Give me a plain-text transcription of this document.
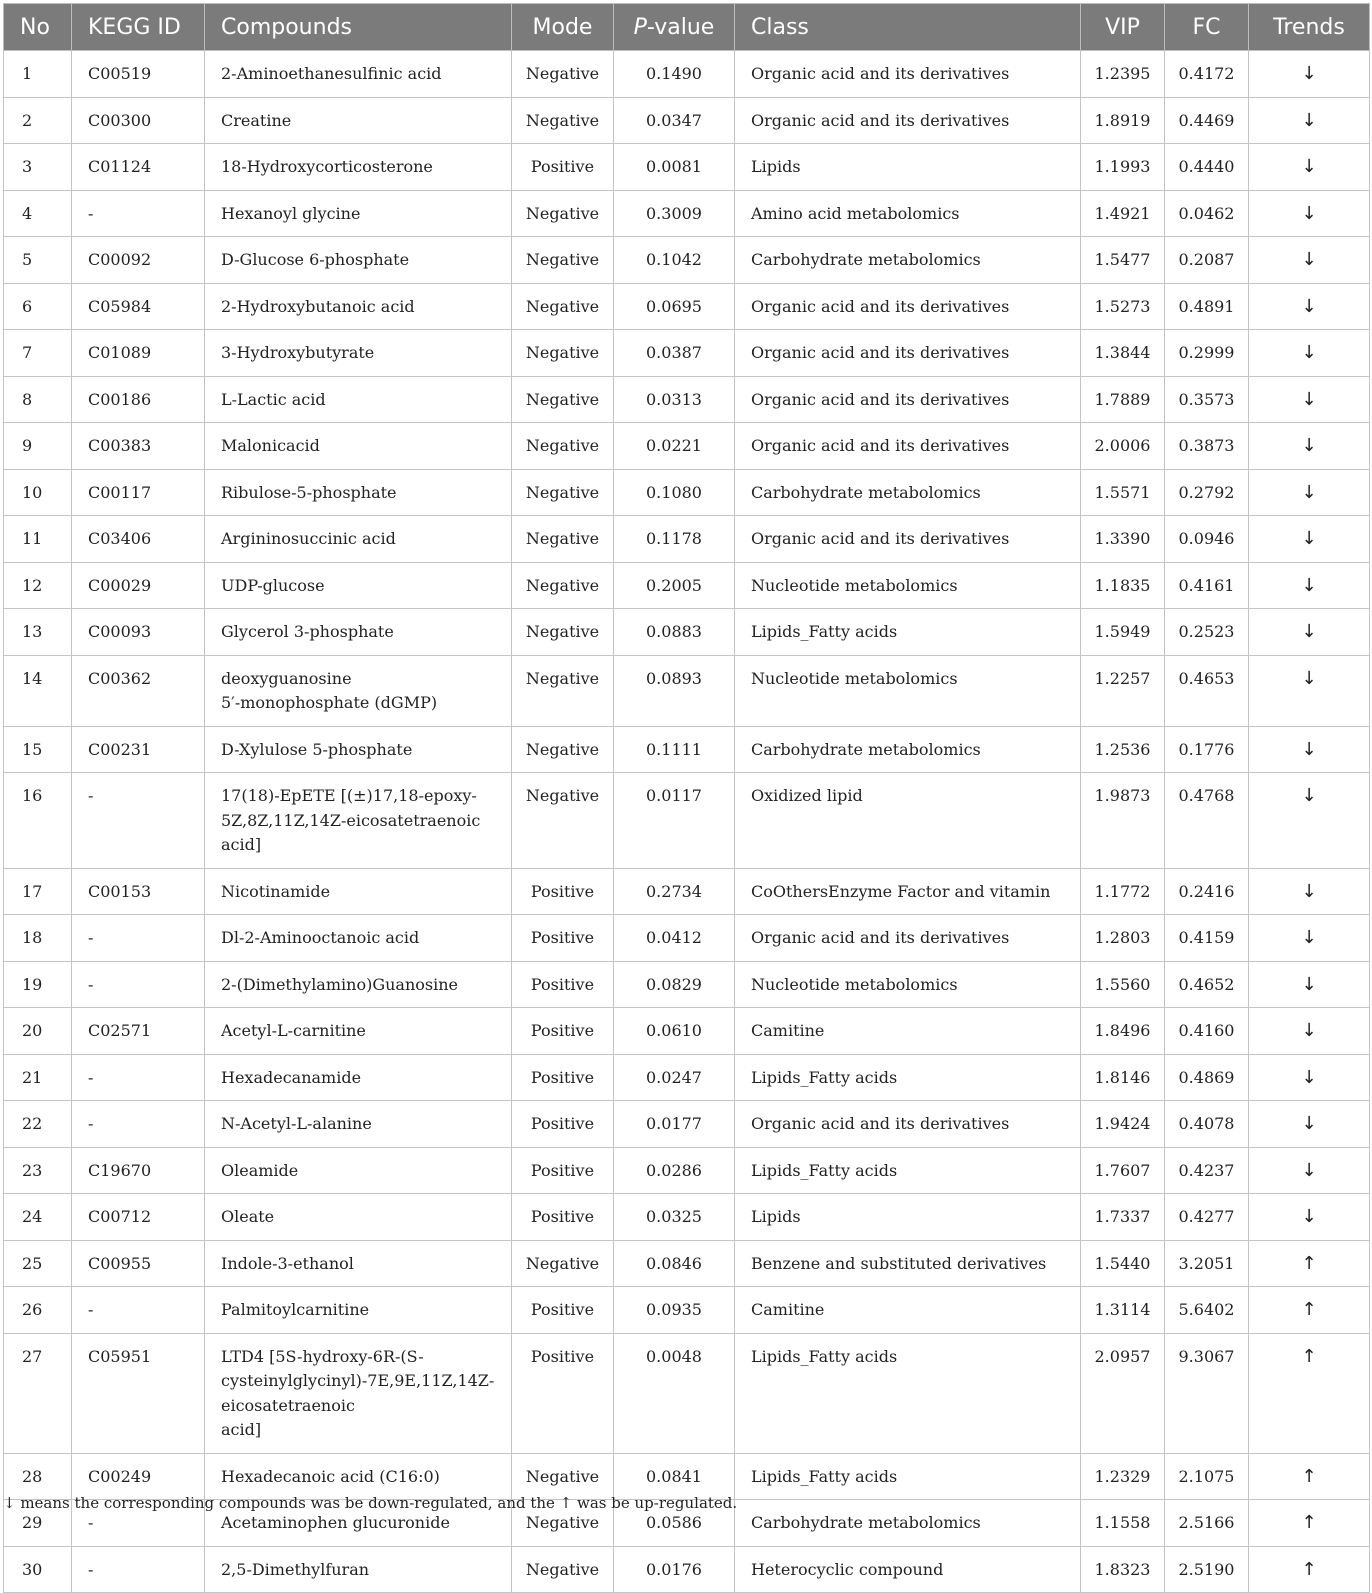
No	KEGG ID	Compounds	Mode	P-value	Class	VIP	FC	Trends
1	C00519	2-Aminoethanesulfinic acid	Negative	0.1490	Organic acid and its derivatives	1.2395	0.4172	↓
2	C00300	Creatine	Negative	0.0347	Organic acid and its derivatives	1.8919	0.4469	↓
3	C01124	18-Hydroxycorticosterone	Positive	0.0081	Lipids	1.1993	0.4440	↓
4	-	Hexanoyl glycine	Negative	0.3009	Amino acid metabolomics	1.4921	0.0462	↓
5	C00092	D-Glucose 6-phosphate	Negative	0.1042	Carbohydrate metabolomics	1.5477	0.2087	↓
6	C05984	2-Hydroxybutanoic acid	Negative	0.0695	Organic acid and its derivatives	1.5273	0.4891	↓
7	C01089	3-Hydroxybutyrate	Negative	0.0387	Organic acid and its derivatives	1.3844	0.2999	↓
8	C00186	L-Lactic acid	Negative	0.0313	Organic acid and its derivatives	1.7889	0.3573	↓
9	C00383	Malonicacid	Negative	0.0221	Organic acid and its derivatives	2.0006	0.3873	↓
10	C00117	Ribulose-5-phosphate	Negative	0.1080	Carbohydrate metabolomics	1.5571	0.2792	↓
11	C03406	Argininosuccinic acid	Negative	0.1178	Organic acid and its derivatives	1.3390	0.0946	↓
12	C00029	UDP-glucose	Negative	0.2005	Nucleotide metabolomics	1.1835	0.4161	↓
13	C00093	Glycerol 3-phosphate	Negative	0.0883	Lipids_Fatty acids	1.5949	0.2523	↓
14	C00362	deoxyguanosine
5′-monophosphate (dGMP)	Negative	0.0893	Nucleotide metabolomics	1.2257	0.4653	↓
15	C00231	D-Xylulose 5-phosphate	Negative	0.1111	Carbohydrate metabolomics	1.2536	0.1776	↓
16	-	17(18)-EpETE [(±)17,18-epoxy-
5Z,8Z,11Z,14Z-eicosatetraenoic
acid]	Negative	0.0117	Oxidized lipid	1.9873	0.4768	↓
17	C00153	Nicotinamide	Positive	0.2734	CoOthersEnzyme Factor and vitamin	1.1772	0.2416	↓
18	-	Dl-2-Aminooctanoic acid	Positive	0.0412	Organic acid and its derivatives	1.2803	0.4159	↓
19	-	2-(Dimethylamino)Guanosine	Positive	0.0829	Nucleotide metabolomics	1.5560	0.4652	↓
20	C02571	Acetyl-L-carnitine	Positive	0.0610	Camitine	1.8496	0.4160	↓
21	-	Hexadecanamide	Positive	0.0247	Lipids_Fatty acids	1.8146	0.4869	↓
22	-	N-Acetyl-L-alanine	Positive	0.0177	Organic acid and its derivatives	1.9424	0.4078	↓
23	C19670	Oleamide	Positive	0.0286	Lipids_Fatty acids	1.7607	0.4237	↓
24	C00712	Oleate	Positive	0.0325	Lipids	1.7337	0.4277	↓
25	C00955	Indole-3-ethanol	Negative	0.0846	Benzene and substituted derivatives	1.5440	3.2051	↑
26	-	Palmitoylcarnitine	Positive	0.0935	Camitine	1.3114	5.6402	↑
27	C05951	LTD4 [5S-hydroxy-6R-(S-
cysteinylglycinyl)-7E,9E,11Z,14Z-
eicosatetraenoic
acid]	Positive	0.0048	Lipids_Fatty acids	2.0957	9.3067	↑
28	C00249	Hexadecanoic acid (C16:0)	Negative	0.0841	Lipids_Fatty acids	1.2329	2.1075	↑
29	-	Acetaminophen glucuronide	Negative	0.0586	Carbohydrate metabolomics	1.1558	2.5166	↑
30	-	2,5-Dimethylfuran	Negative	0.0176	Heterocyclic compound	1.8323	2.5190	↑
↓ means the corresponding compounds was be down-regulated, and the ↑ was be up-regulated.
